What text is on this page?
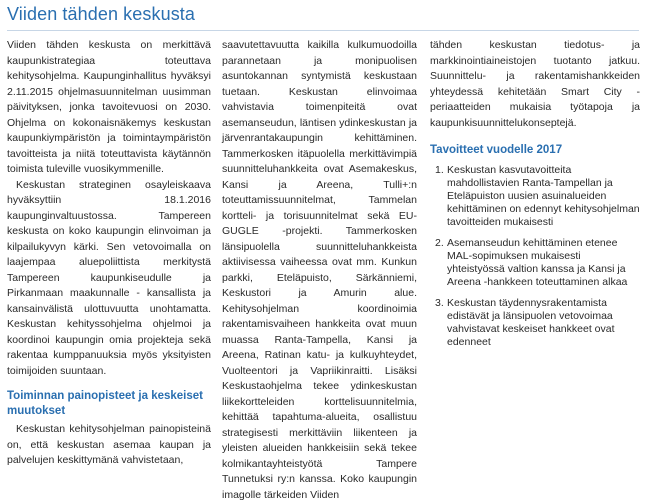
Viiden tähden keskusta

Viiden tähden keskusta on merkittävä kaupunkistrategiaa toteuttava kehitysohjelma. Kaupunginhallitus hyväksyi 2.11.2015 ohjelmasuunnitelman uusimman päivityksen, jonka tavoitevuosi on 2030. Ohjelma on kokonaisnäkemys keskustan kaupunkiympäristön ja toimintaympäristön tavoitteista ja niitä toteuttavista käytännön toimista tuleville vuosikymmenille.

Keskustan strateginen osayleiskaava hyväksyttiin 18.1.2016 kaupunginvaltuustossa. Tampereen keskusta on koko kaupungin elinvoiman ja kilpailukyvyn kärki. Sen vetovoimalla on laajempaa aluepoliittista merkitystä Tampereen kaupunkiseudulle ja Pirkanmaan maakunnalle - kansallista ja kansainvälistä ulottuvuutta unohtamatta. Keskustan kehityssohjelma ohjelmoi ja koordinoi kaupungin omia projekteja sekä rakentaa kumppanuuksia myös yksityisten toimijoiden suuntaan.

Toiminnan painopisteet ja keskeiset muutokset

Keskustan kehitysohjelman painopisteinä on, että keskustan asemaa kaupan ja palvelujen keskittymänä vahvistetaan,

saavutettavuutta kaikilla kulkumuodoilla parannetaan ja monipuolisen asuntokannan syntymistä keskustaan tuetaan. Keskustan elinvoimaa vahvistavia toimenpiteitä ovat asemanseudun, läntisen ydinkeskustan ja järvenrantakaupungin kehittäminen. Tammerkosken itäpuolella merkittävimpiä suunnitteluhankkeita ovat Asemakeskus, Kansi ja Areena, Tulli+:n toteuttamissuunnitelmat, Tammelan kortteli- ja torisuunnitelmat sekä EU-GUGLE -projekti. Tammerkosken länsipuolella suunnitteluhankkeista aktiivisessa vaiheessa ovat mm. Kunkun parkki, Eteläpuisto, Särkänniemi, Keskustori ja Amurin alue. Kehitysohjelman koordinoimia rakentamisvaiheen hankkeita ovat muun muassa Ranta-Tampella, Kansi ja Areena, Ratinan katu- ja kulkuyhteydet, Vuolteentori ja Vapriikinraitti. Lisäksi Keskustaohjelma tekee ydinkeskustan liikekortteleiden korttelisuunnitelmia, kehittää tapahtuma-alueita, osallistuu strategisesti merkittäviin liikenteen ja yleisten alueiden hankkeisiin sekä tekee kolmikantayhteistyötä Tampere Tunnetuksi ry:n kanssa. Koko kaupungin imagolle tärkeiden Viiden

tähden keskustan tiedotus- ja markkinointiaineistojen tuotanto jatkuu. Suunnittelu- ja rakentamishankkeiden yhteydessä kehitetään Smart City -periaatteiden mukaisia työtapoja ja kaupunkisuunnittelukonseptejä.

Tavoitteet vuodelle 2017
1. Keskustan kasvutavoitteita mahdollistavien Ranta-Tampellan ja Eteläpuiston uusien asuinalueiden kehittäminen on edennyt kehitysohjelman tavoitteiden mukaisesti
2. Asemanseudun kehittäminen etenee MAL-sopimuksen mukaisesti yhteistyössä valtion kanssa ja Kansi ja Areena -hankkeen toteuttaminen alkaa
3. Keskustan täydennysrakentamista edistävät ja länsipuolen vetovoimaa vahvistavat keskeiset hankkeet ovat edenneet
